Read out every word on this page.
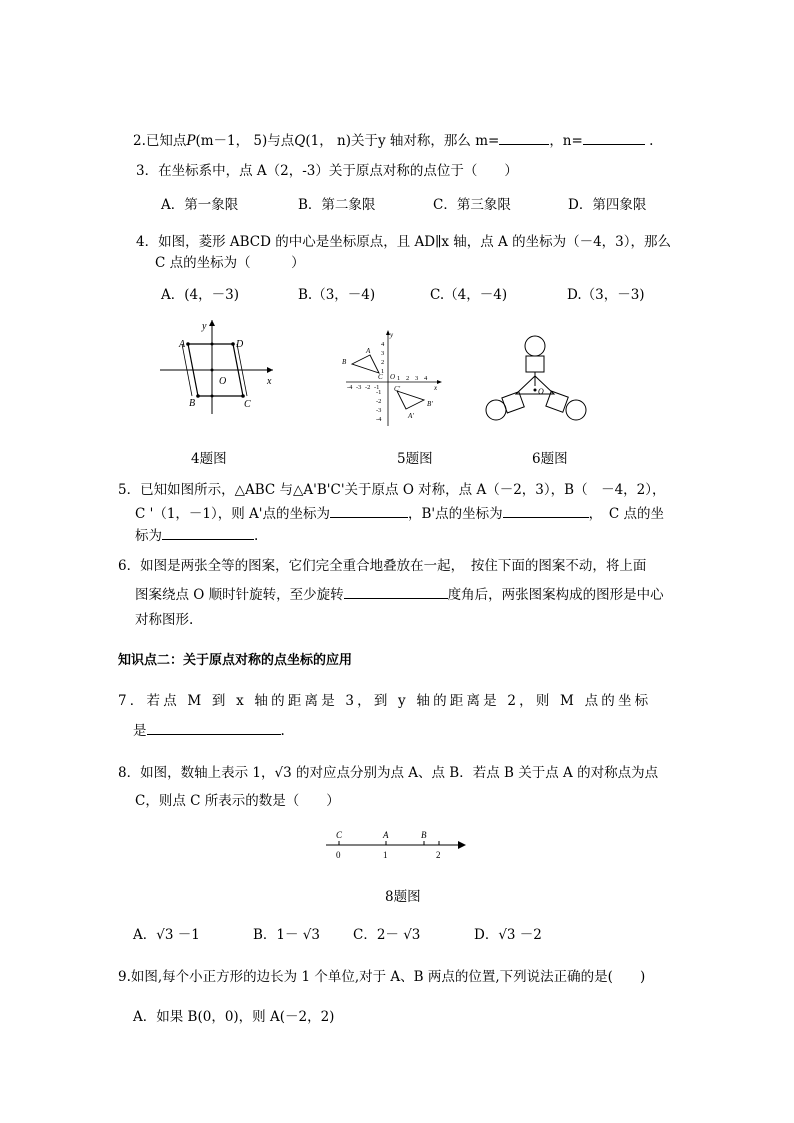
2.已知点P(m－1， 5)与点Q(1， n)关于y 轴对称，那么 m=	，n=	.
3．在坐标系中，点 A（2，-3）关于原点对称的点位于（　　）
A．第一象限	B．第二象限	C．第三象限	D．第四象限
4．如图，菱形 ABCD 的中心是坐标原点，且 AD∥x 轴，点 A 的坐标为（－4，3），那么
C 点的坐标为（　　　）
A．(4，－3)	B.（3，－4)	C.（4，－4)	D.（3，－3)
A	D
B	C
O	x
y
4题图
-4 -3 -2 -1
1 2 3 4
4
3
2
1
-1
-2
-3
-4
A
B
C O
C'
B'
A'
y
x
5题图
O
6题图
5．已知如图所示，△ABC 与△A'B'C'关于原点 O 对称，点 A（－2，3），B（　－4，2），
C '（1，－1），则 A'点的坐标为	，B'点的坐标为	，　C 点的坐
标为	.
6．如图是两张全等的图案，它们完全重合地叠放在一起，　按住下面的图案不动，将上面
图案绕点 O 顺时针旋转，至少旋转	度角后，两张图案构成的图形是中心
对称图形.
知识点二：关于原点对称的点坐标的应用
7．若点 M 到 x 轴的距离是 3，到 y 轴的距离是 2，则 M 点的坐标
是	.
8．如图，数轴上表示 1，√3 的对应点分别为点 A、点 B．若点 B 关于点 A 的对称点为点
C，则点 C 所表示的数是（　　）
C	A	B
0	1	2
8题图
A．√3 －1	B．1－ √3 C．2－ √3	D．√3 －2
9.如图,每个小正方形的边长为 1 个单位,对于 A、B 两点的位置,下列说法正确的是(　　)
A．如果 B(0，0)，则 A(－2，2)
